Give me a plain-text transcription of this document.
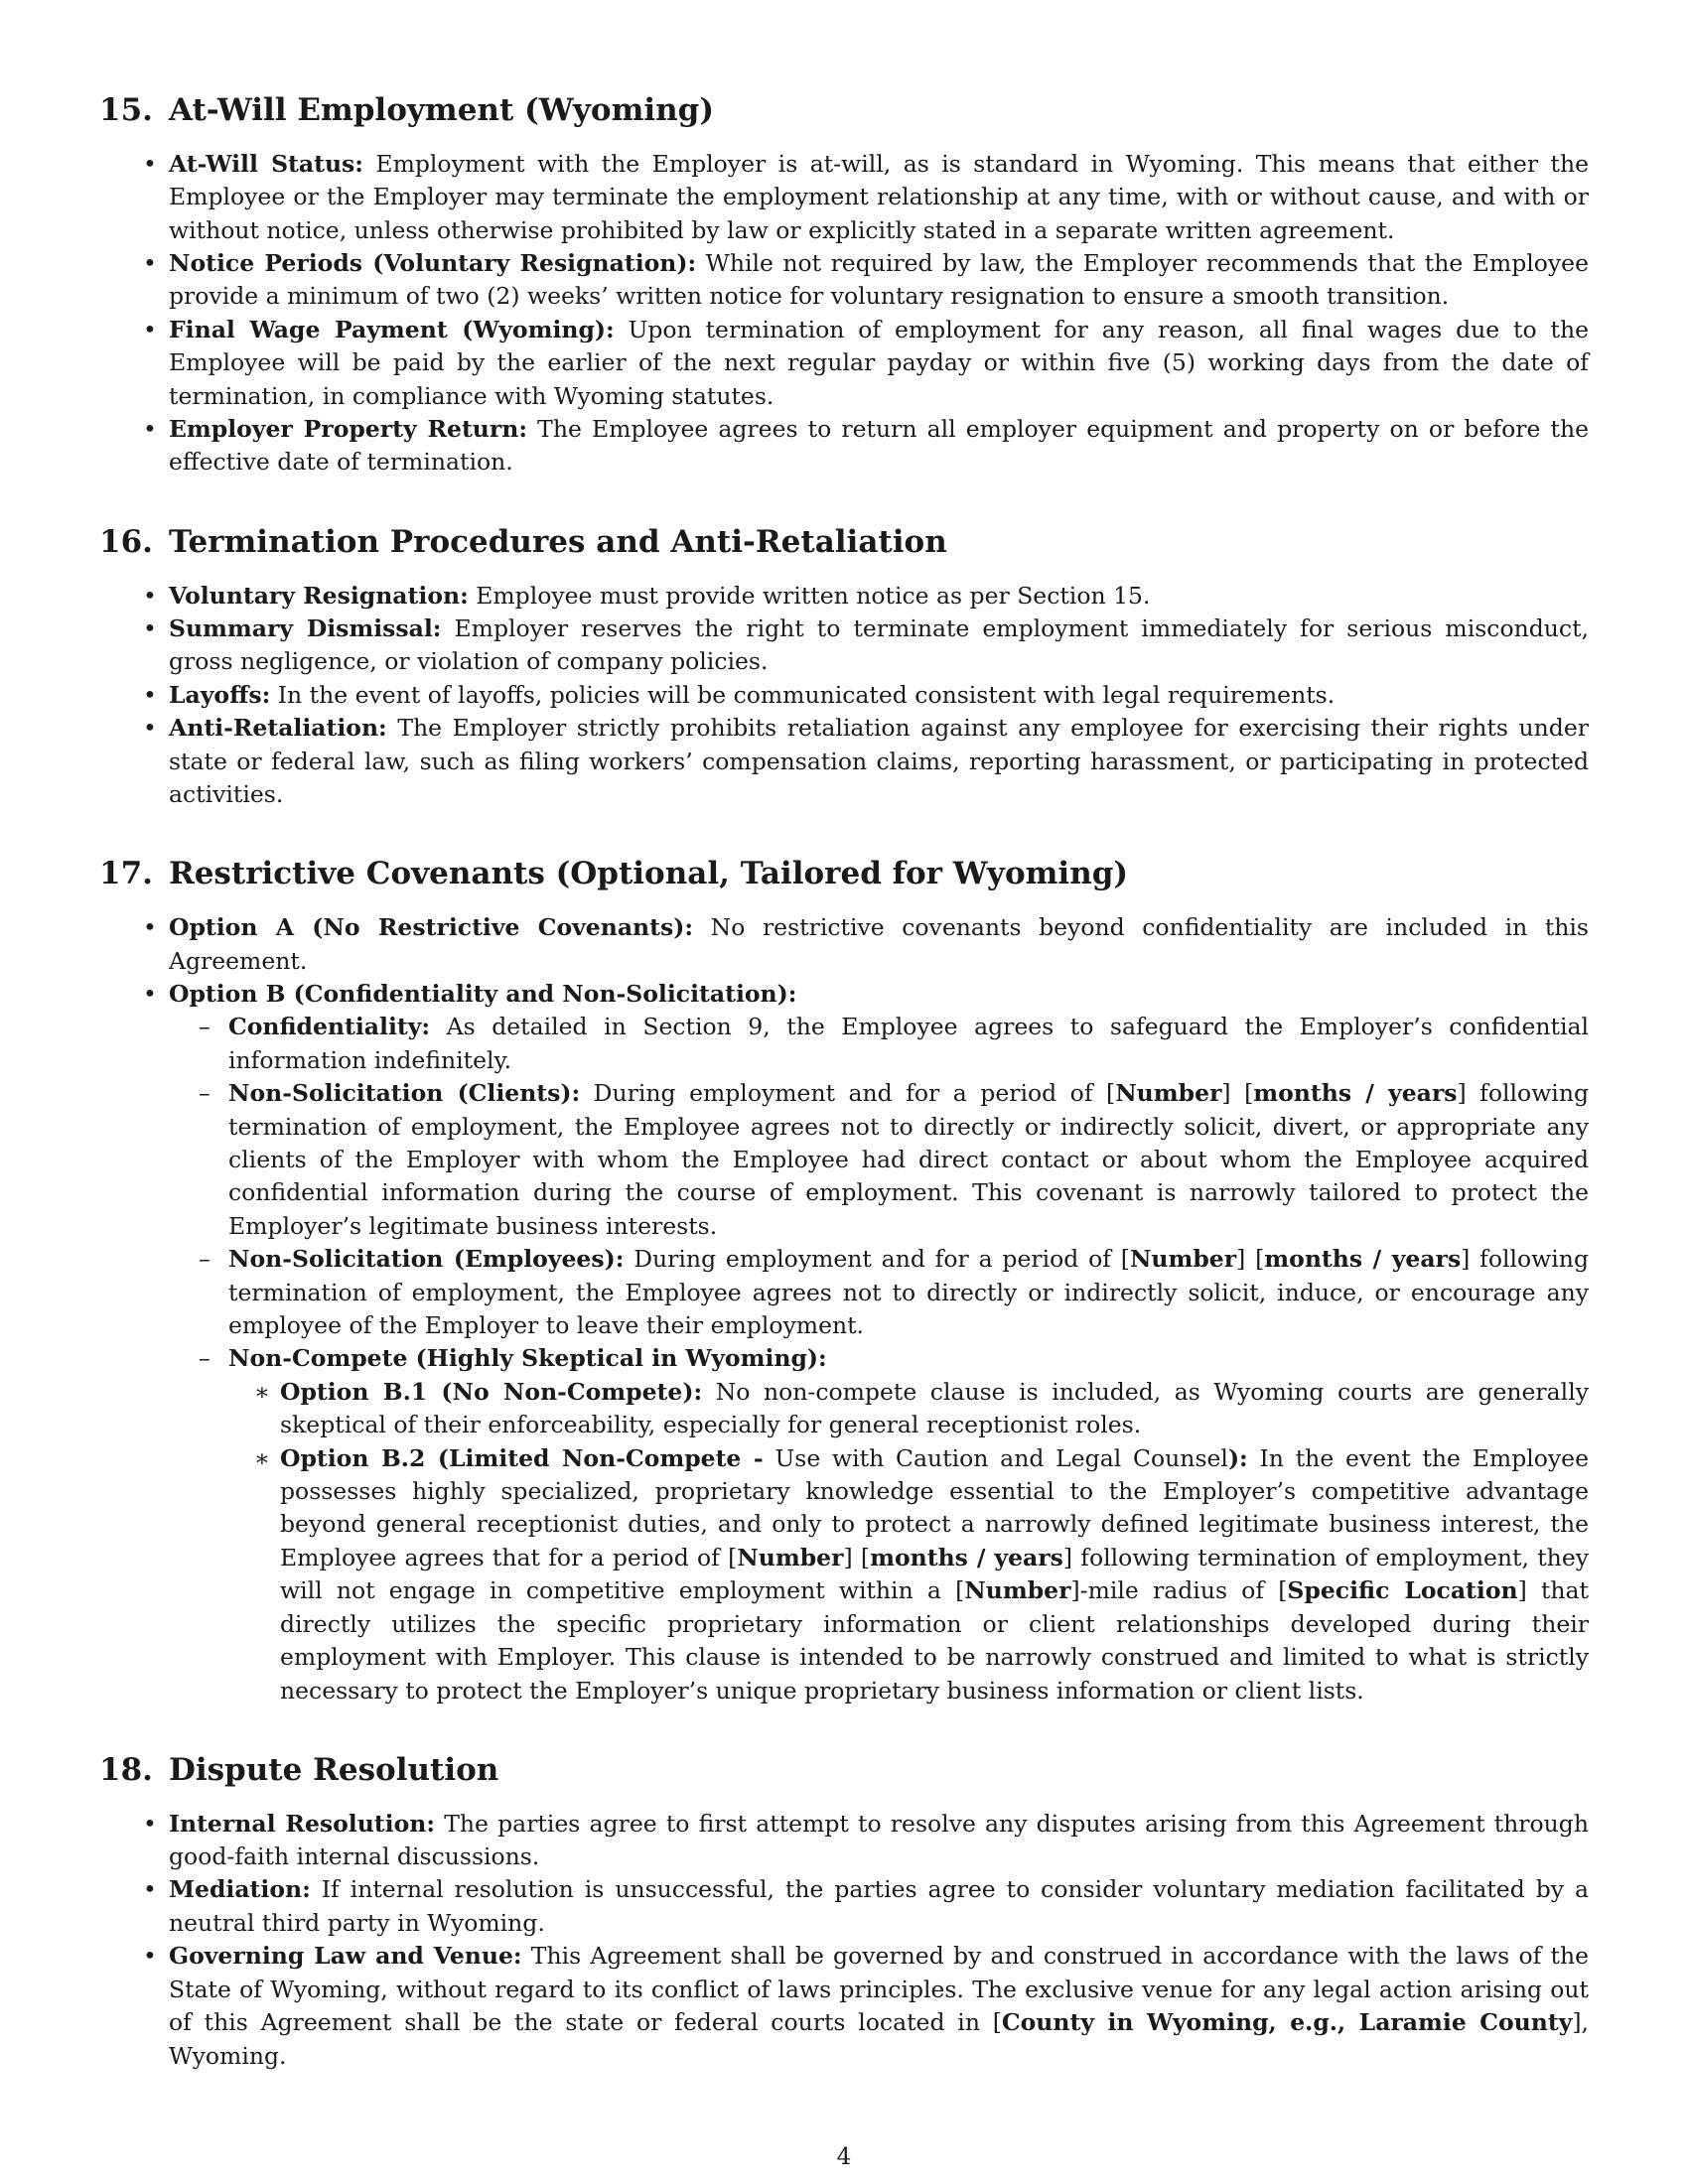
15. At-Will Employment (Wyoming)
• At-Will Status: Employment with the Employer is at-will, as is standard in Wyoming. This means that either the Employee or the Employer may terminate the employment relationship at any time, with or without cause, and with or without notice, unless otherwise prohibited by law or explicitly stated in a separate written agreement.
• Notice Periods (Voluntary Resignation): While not required by law, the Employer recommends that the Employee provide a minimum of two (2) weeks’ written notice for voluntary resignation to ensure a smooth transition.
• Final Wage Payment (Wyoming): Upon termination of employment for any reason, all final wages due to the Employee will be paid by the earlier of the next regular payday or within five (5) working days from the date of termination, in compliance with Wyoming statutes.
• Employer Property Return: The Employee agrees to return all employer equipment and property on or before the effective date of termination.
16. Termination Procedures and Anti-Retaliation
• Voluntary Resignation: Employee must provide written notice as per Section 15.
• Summary Dismissal: Employer reserves the right to terminate employment immediately for serious misconduct, gross negligence, or violation of company policies.
• Layoffs: In the event of layoffs, policies will be communicated consistent with legal requirements.
• Anti-Retaliation: The Employer strictly prohibits retaliation against any employee for exercising their rights under state or federal law, such as filing workers’ compensation claims, reporting harassment, or participating in protected activities.
17. Restrictive Covenants (Optional, Tailored for Wyoming)
• Option A (No Restrictive Covenants): No restrictive covenants beyond confidentiality are included in this Agreement.
• Option B (Confidentiality and Non-Solicitation):
– Confidentiality: As detailed in Section 9, the Employee agrees to safeguard the Employer’s confidential information indefinitely.
– Non-Solicitation (Clients): During employment and for a period of [Number] [months / years] following termination of employment, the Employee agrees not to directly or indirectly solicit, divert, or appropriate any clients of the Employer with whom the Employee had direct contact or about whom the Employee acquired confidential information during the course of employment. This covenant is narrowly tailored to protect the Employer’s legitimate business interests.
– Non-Solicitation (Employees): During employment and for a period of [Number] [months / years] following termination of employment, the Employee agrees not to directly or indirectly solicit, induce, or encourage any employee of the Employer to leave their employment.
– Non-Compete (Highly Skeptical in Wyoming):
∗ Option B.1 (No Non-Compete): No non-compete clause is included, as Wyoming courts are generally skeptical of their enforceability, especially for general receptionist roles.
∗ Option B.2 (Limited Non-Compete - Use with Caution and Legal Counsel): In the event the Employee possesses highly specialized, proprietary knowledge essential to the Employer’s competitive advantage beyond general receptionist duties, and only to protect a narrowly defined legitimate business interest, the Employee agrees that for a period of [Number] [months / years] following termination of employment, they will not engage in competitive employment within a [Number]-mile radius of [Specific Location] that directly utilizes the specific proprietary information or client relationships developed during their employment with Employer. This clause is intended to be narrowly construed and limited to what is strictly necessary to protect the Employer’s unique proprietary business information or client lists.
18. Dispute Resolution
• Internal Resolution: The parties agree to first attempt to resolve any disputes arising from this Agreement through good-faith internal discussions.
• Mediation: If internal resolution is unsuccessful, the parties agree to consider voluntary mediation facilitated by a neutral third party in Wyoming.
• Governing Law and Venue: This Agreement shall be governed by and construed in accordance with the laws of the State of Wyoming, without regard to its conflict of laws principles. The exclusive venue for any legal action arising out of this Agreement shall be the state or federal courts located in [County in Wyoming, e.g., Laramie County], Wyoming.
4
